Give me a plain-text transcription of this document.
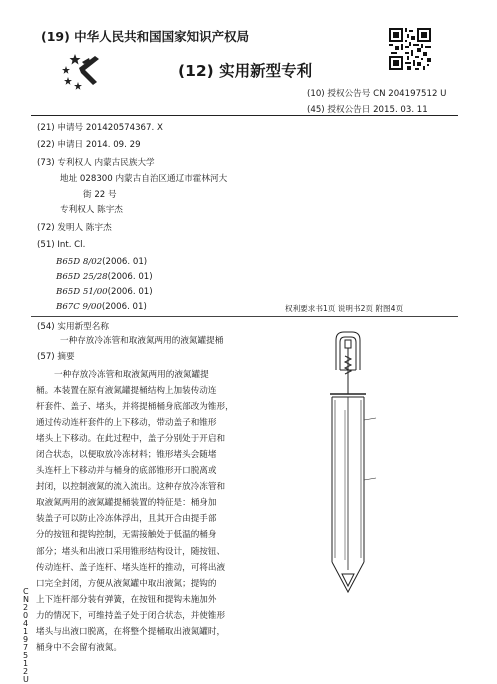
(19) 中华人民共和国国家知识产权局
(12) 实用新型专利
(10) 授权公告号 CN 204197512 U
(45) 授权公告日 2015. 03. 11
(21) 申请号 201420574367. X
(22) 申请日 2014. 09. 29
(73) 专利权人 内蒙古民族大学
地址 028300 内蒙古自治区通辽市霍林河大
街 22 号
专利权人 陈宇杰
(72) 发明人 陈宇杰
(51) Int. Cl.
B65D 8/02(2006. 01)
B65D 25/28(2006. 01)
B65D 51/00(2006. 01)
B67C 9/00(2006. 01)	权利要求书1页 说明书2页 附图4页
(54) 实用新型名称
一种存放冷冻管和取液氮两用的液氮罐提桶
(57) 摘要
一种存放冷冻管和取液氮两用的液氮罐提
桶。本装置在原有液氮罐提桶结构上加装传动连
杆套件、盖子、堵头，并将提桶桶身底部改为锥形，
通过传动连杆套件的上下移动，带动盖子和锥形
堵头上下移动。在此过程中，盖子分别处于开启和
闭合状态，以便取放冷冻材料；锥形堵头会随堵
头连杆上下移动并与桶身的底部锥形开口脱离或
封闭，以控制液氮的流入流出。这种存放冷冻管和
取液氮两用的液氮罐提桶装置的特征是：桶身加
装盖子可以防止冷冻体浮出，且其开合由提手部
分的按钮和提钩控制，无需接触处于低温的桶身
部分；堵头和出液口采用锥形结构设计，随按钮、
传动连杆、盖子连杆、堵头连杆的推动，可将出液
口完全封闭，方便从液氮罐中取出液氮；提钩的
上下连杆部分装有弹簧，在按钮和提钩未施加外
力的情况下，可维持盖子处于闭合状态，并使锥形
堵头与出液口脱离，在将整个提桶取出液氮罐时，
桶身中不会留有液氮。
CN 204197512 U
